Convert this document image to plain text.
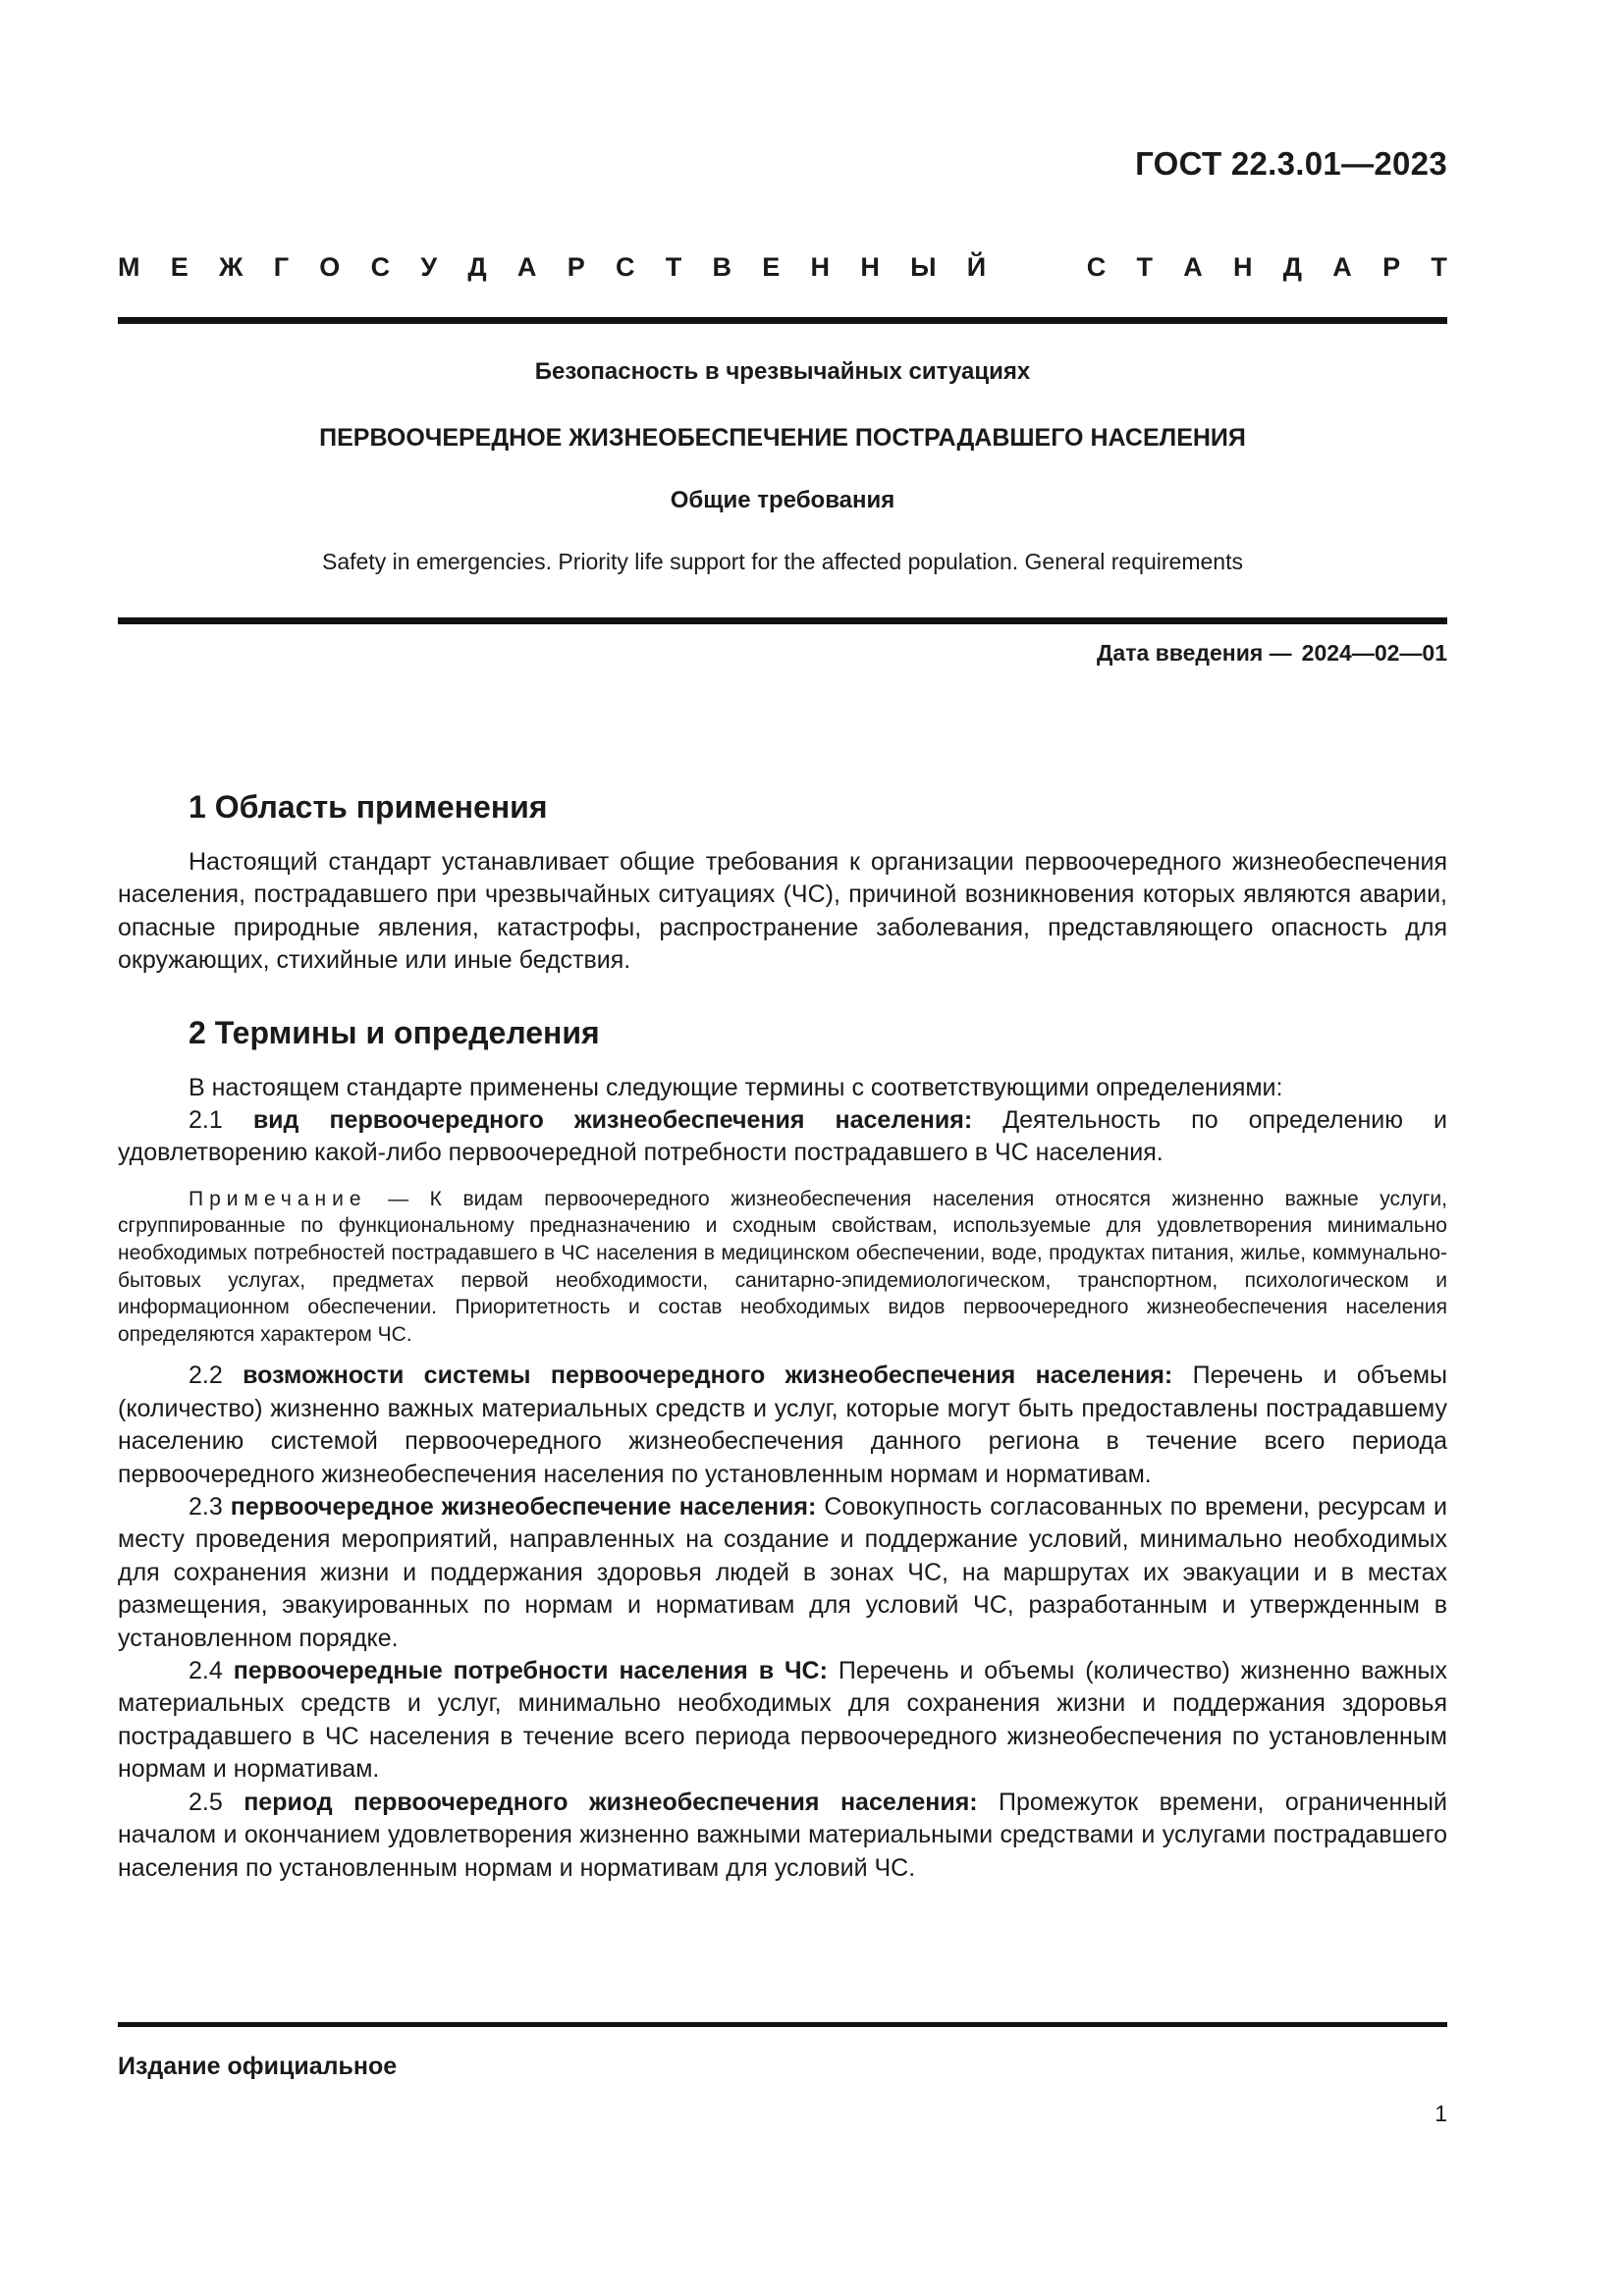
ГОСТ 22.3.01—2023
М Е Ж Г О С У Д А Р С Т В Е Н Н Ы Й	С Т А Н Д А Р Т
Безопасность в чрезвычайных ситуациях
ПЕРВООЧЕРЕДНОЕ ЖИЗНЕОБЕСПЕЧЕНИЕ ПОСТРАДАВШЕГО НАСЕЛЕНИЯ
Общие требования
Safety in emergencies. Priority life support for the affected population. General requirements
Дата введения — 2024—02—01
1 Область применения

Настоящий стандарт устанавливает общие требования к организации первоочередного жизнеобеспечения населения, пострадавшего при чрезвычайных ситуациях (ЧС), причиной возникновения которых являются аварии, опасные природные явления, катастрофы, распространение заболевания, представляющего опасность для окружающих, стихийные или иные бедствия.

2 Термины и определения

В настоящем стандарте применены следующие термины с соответствующими определениями:

2.1 вид первоочередного жизнеобеспечения населения: Деятельность по определению и удовлетворению какой-либо первоочередной потребности пострадавшего в ЧС населения.

Примечание — К видам первоочередного жизнеобеспечения населения относятся жизненно важные услуги, сгруппированные по функциональному предназначению и сходным свойствам, используемые для удовлетворения минимально необходимых потребностей пострадавшего в ЧС населения в медицинском обеспечении, воде, продуктах питания, жилье, коммунально-бытовых услугах, предметах первой необходимости, санитарно-эпидемиологическом, транспортном, психологическом и информационном обеспечении. Приоритетность и состав необходимых видов первоочередного жизнеобеспечения населения определяются характером ЧС.

2.2 возможности системы первоочередного жизнеобеспечения населения: Перечень и объемы (количество) жизненно важных материальных средств и услуг, которые могут быть предоставлены пострадавшему населению системой первоочередного жизнеобеспечения данного региона в течение всего периода первоочередного жизнеобеспечения населения по установленным нормам и нормативам.

2.3 первоочередное жизнеобеспечение населения: Совокупность согласованных по времени, ресурсам и месту проведения мероприятий, направленных на создание и поддержание условий, минимально необходимых для сохранения жизни и поддержания здоровья людей в зонах ЧС, на маршрутах их эвакуации и в местах размещения, эвакуированных по нормам и нормативам для условий ЧС, разработанным и утвержденным в установленном порядке.

2.4 первоочередные потребности населения в ЧС: Перечень и объемы (количество) жизненно важных материальных средств и услуг, минимально необходимых для сохранения жизни и поддержания здоровья пострадавшего в ЧС населения в течение всего периода первоочередного жизнеобеспечения по установленным нормам и нормативам.

2.5 период первоочередного жизнеобеспечения населения: Промежуток времени, ограниченный началом и окончанием удовлетворения жизненно важными материальными средствами и услугами пострадавшего населения по установленным нормам и нормативам для условий ЧС.

Издание официальное
1
